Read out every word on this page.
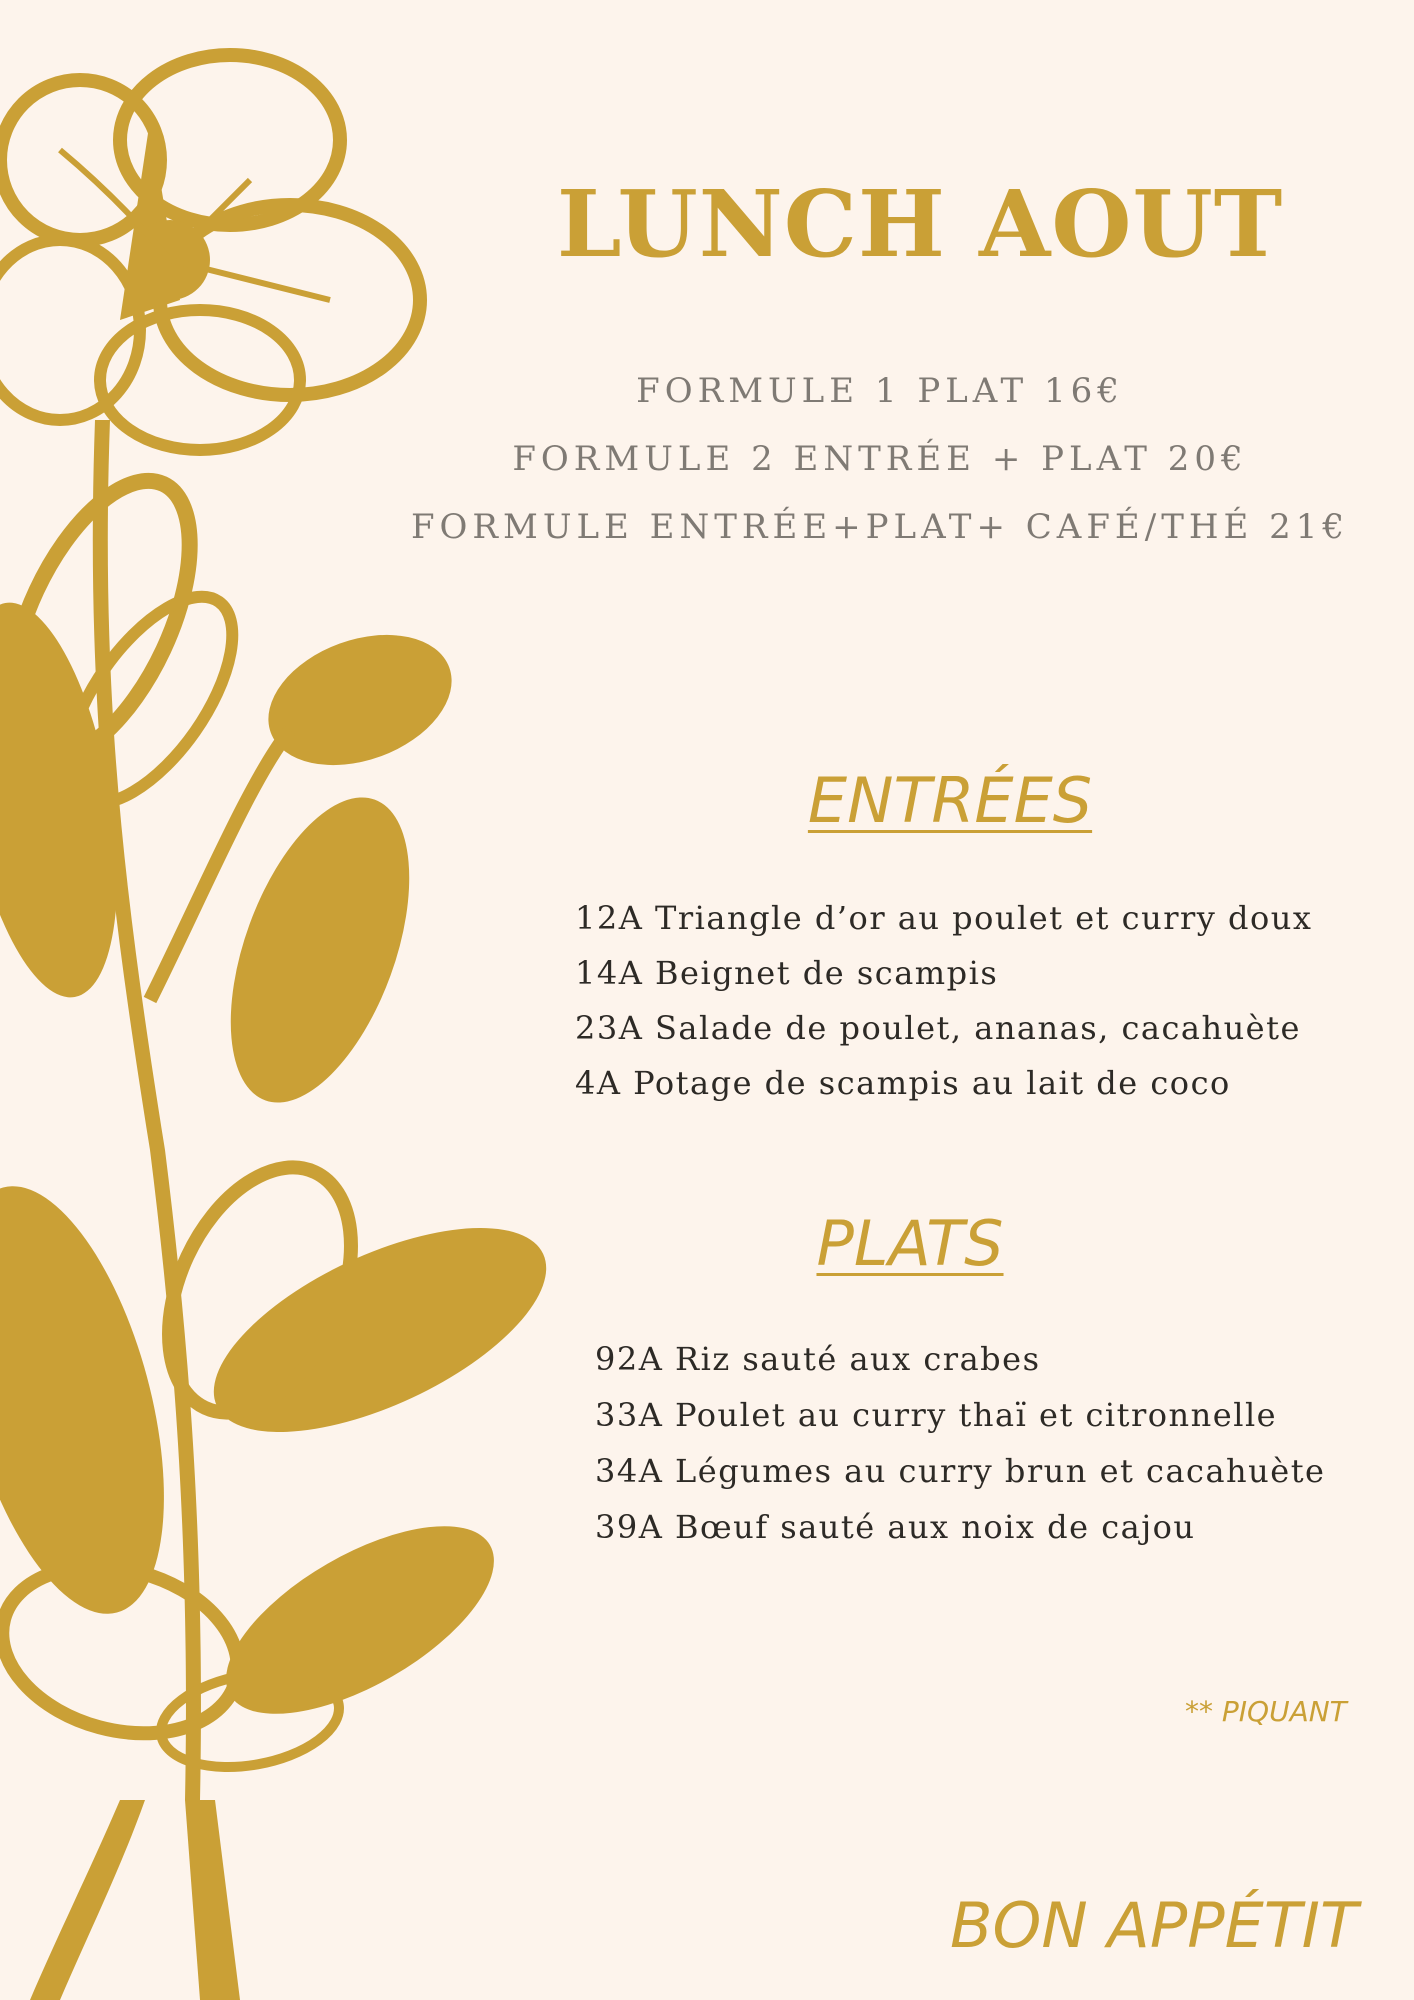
LUNCH AOUT
FORMULE 1 PLAT 16€
FORMULE 2 ENTRÉE + PLAT 20€
FORMULE ENTRÉE+PLAT+ CAFÉ/THÉ 21€
ENTRÉES
12A Triangle d’or au poulet et curry doux
14A Beignet de scampis
23A Salade de poulet, ananas, cacahuète
4A Potage de scampis au lait de coco
PLATS
92A Riz sauté aux crabes
33A Poulet au curry thaï et citronnelle
34A Légumes au curry brun et cacahuète
39A Bœuf sauté aux noix de cajou
** PIQUANT
BON APPÉTIT
